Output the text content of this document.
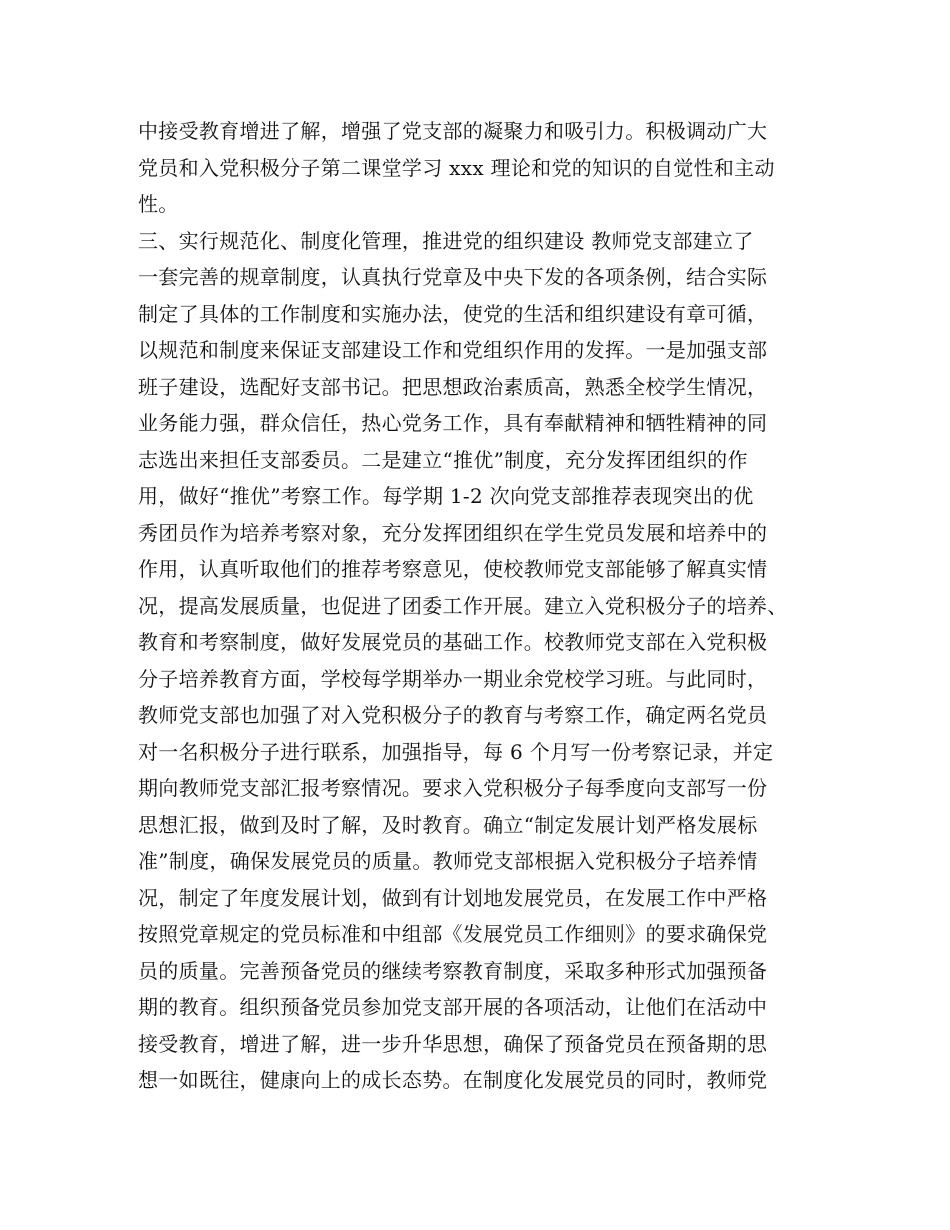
中接受教育增进了解，增强了党支部的凝聚力和吸引力。积极调动广大
党员和入党积极分子第二课堂学习 xxx 理论和党的知识的自觉性和主动
性。
三、实行规范化、制度化管理，推进党的组织建设 教师党支部建立了
一套完善的规章制度，认真执行党章及中央下发的各项条例，结合实际
制定了具体的工作制度和实施办法，使党的生活和组织建设有章可循，
以规范和制度来保证支部建设工作和党组织作用的发挥。一是加强支部
班子建设，选配好支部书记。把思想政治素质高，熟悉全校学生情况，
业务能力强，群众信任，热心党务工作，具有奉献精神和牺牲精神的同
志选出来担任支部委员。二是建立“推优”制度，充分发挥团组织的作
用，做好“推优”考察工作。每学期 1-2 次向党支部推荐表现突出的优
秀团员作为培养考察对象，充分发挥团组织在学生党员发展和培养中的
作用，认真听取他们的推荐考察意见，使校教师党支部能够了解真实情
况，提高发展质量，也促进了团委工作开展。建立入党积极分子的培养、
教育和考察制度，做好发展党员的基础工作。校教师党支部在入党积极
分子培养教育方面，学校每学期举办一期业余党校学习班。与此同时，
教师党支部也加强了对入党积极分子的教育与考察工作，确定两名党员
对一名积极分子进行联系，加强指导，每 6 个月写一份考察记录，并定
期向教师党支部汇报考察情况。要求入党积极分子每季度向支部写一份
思想汇报，做到及时了解，及时教育。确立“制定发展计划严格发展标
准”制度，确保发展党员的质量。教师党支部根据入党积极分子培养情
况，制定了年度发展计划，做到有计划地发展党员，在发展工作中严格
按照党章规定的党员标准和中组部《发展党员工作细则》的要求确保党
员的质量。完善预备党员的继续考察教育制度，采取多种形式加强预备
期的教育。组织预备党员参加党支部开展的各项活动，让他们在活动中
接受教育，增进了解，进一步升华思想，确保了预备党员在预备期的思
想一如既往，健康向上的成长态势。在制度化发展党员的同时，教师党
